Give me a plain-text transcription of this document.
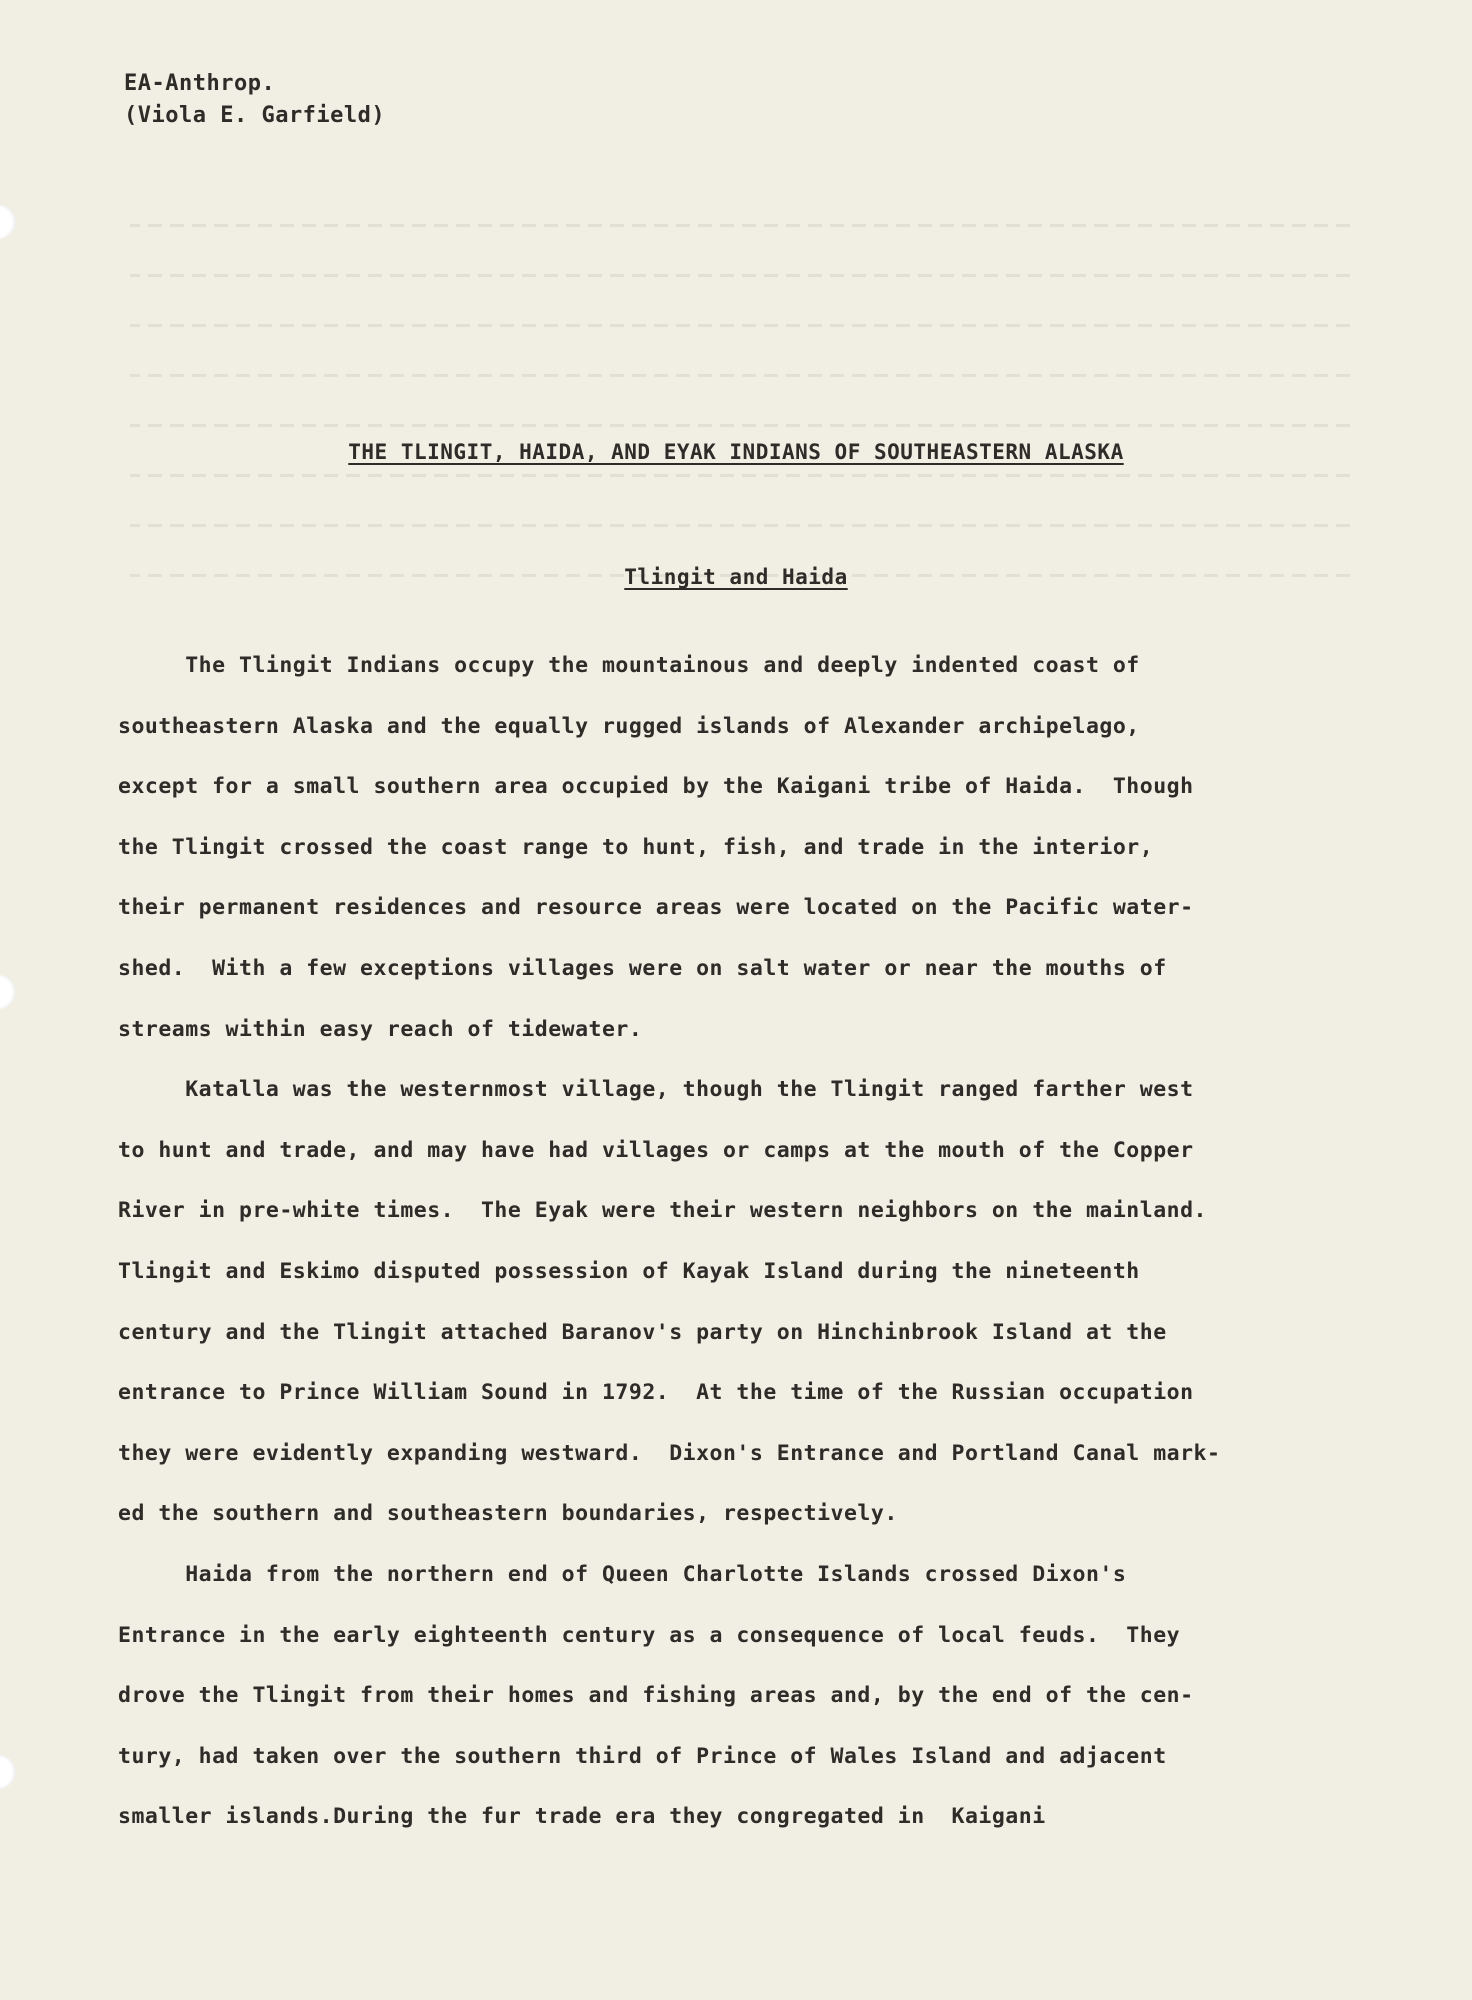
EA-Anthrop.
(Viola E. Garfield)
THE TLINGIT, HAIDA, AND EYAK INDIANS OF SOUTHEASTERN ALASKA
Tlingit and Haida
The Tlingit Indians occupy the mountainous and deeply indented coast of
southeastern Alaska and the equally rugged islands of Alexander archipelago,
except for a small southern area occupied by the Kaigani tribe of Haida.  Though
the Tlingit crossed the coast range to hunt, fish, and trade in the interior,
their permanent residences and resource areas were located on the Pacific water-
shed.  With a few exceptions villages were on salt water or near the mouths of
streams within easy reach of tidewater.
Katalla was the westernmost village, though the Tlingit ranged farther west
to hunt and trade, and may have had villages or camps at the mouth of the Copper
River in pre-white times.  The Eyak were their western neighbors on the mainland.
Tlingit and Eskimo disputed possession of Kayak Island during the nineteenth
century and the Tlingit attached Baranov's party on Hinchinbrook Island at the
entrance to Prince William Sound in 1792.  At the time of the Russian occupation
they were evidently expanding westward.  Dixon's Entrance and Portland Canal mark-
ed the southern and southeastern boundaries, respectively.
Haida from the northern end of Queen Charlotte Islands crossed Dixon's
Entrance in the early eighteenth century as a consequence of local feuds.  They
drove the Tlingit from their homes and fishing areas and, by the end of the cen-
tury, had taken over the southern third of Prince of Wales Island and adjacent
smaller islands.During the fur trade era they congregated in  Kaigani
